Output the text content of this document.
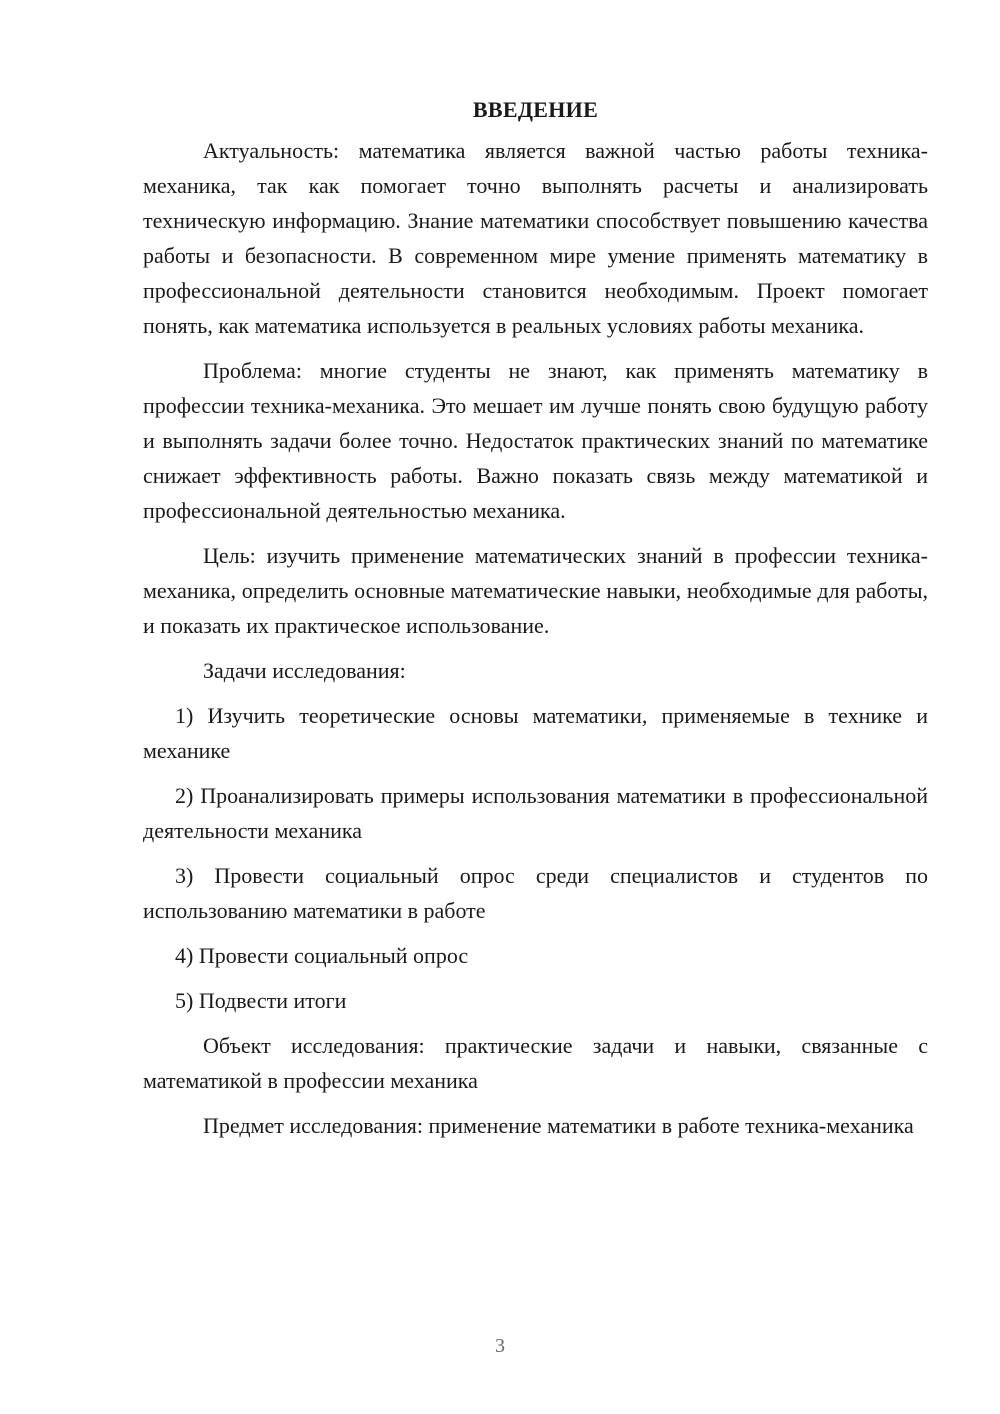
ВВЕДЕНИЕ

Актуальность: математика является важной частью работы техника-механика, так как помогает точно выполнять расчеты и анализировать техническую информацию. Знание математики способствует повышению качества работы и безопасности. В современном мире умение применять математику в профессиональной деятельности становится необходимым. Проект помогает понять, как математика используется в реальных условиях работы механика.

Проблема: многие студенты не знают, как применять математику в профессии техника-механика. Это мешает им лучше понять свою будущую работу и выполнять задачи более точно. Недостаток практических знаний по математике снижает эффективность работы. Важно показать связь между математикой и профессиональной деятельностью механика.

Цель: изучить применение математических знаний в профессии техника-механика, определить основные математические навыки, необходимые для работы, и показать их практическое использование.

Задачи исследования:

1) Изучить теоретические основы математики, применяемые в технике и механике

2) Проанализировать примеры использования математики в профессиональной деятельности механика

3) Провести социальный опрос среди специалистов и студентов по использованию математики в работе

4) Провести социальный опрос

5) Подвести итоги

Объект исследования: практические задачи и навыки, связанные с математикой в профессии механика

Предмет исследования: применение математики в работе техника-механика

3
